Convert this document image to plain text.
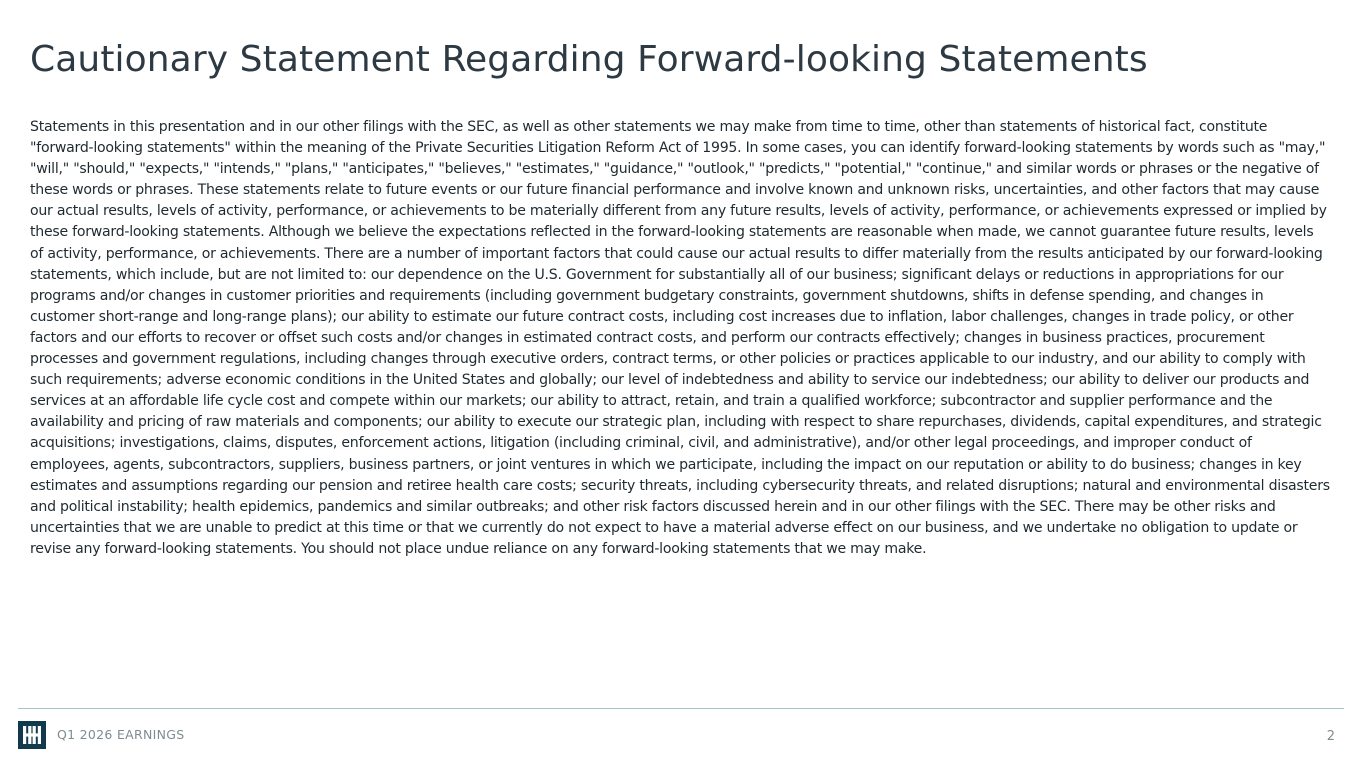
Cautionary Statement Regarding Forward-looking Statements

Statements in this presentation and in our other filings with the SEC, as well as other statements we may make from time to time, other than statements of historical fact, constitute "forward-looking statements" within the meaning of the Private Securities Litigation Reform Act of 1995. In some cases, you can identify forward-looking statements by words such as "may," "will," "should," "expects," "intends," "plans," "anticipates," "believes," "estimates," "guidance," "outlook," "predicts," "potential," "continue," and similar words or phrases or the negative of these words or phrases. These statements relate to future events or our future financial performance and involve known and unknown risks, uncertainties, and other factors that may cause our actual results, levels of activity, performance, or achievements to be materially different from any future results, levels of activity, performance, or achievements expressed or implied by these forward-looking statements. Although we believe the expectations reflected in the forward-looking statements are reasonable when made, we cannot guarantee future results, levels of activity, performance, or achievements. There are a number of important factors that could cause our actual results to differ materially from the results anticipated by our forward-looking statements, which include, but are not limited to: our dependence on the U.S. Government for substantially all of our business; significant delays or reductions in appropriations for our programs and/or changes in customer priorities and requirements (including government budgetary constraints, government shutdowns, shifts in defense spending, and changes in customer short-range and long-range plans); our ability to estimate our future contract costs, including cost increases due to inflation, labor challenges, changes in trade policy, or other factors and our efforts to recover or offset such costs and/or changes in estimated contract costs, and perform our contracts effectively; changes in business practices, procurement processes and government regulations, including changes through executive orders, contract terms, or other policies or practices applicable to our industry, and our ability to comply with such requirements; adverse economic conditions in the United States and globally; our level of indebtedness and ability to service our indebtedness; our ability to deliver our products and services at an affordable life cycle cost and compete within our markets; our ability to attract, retain, and train a qualified workforce; subcontractor and supplier performance and the availability and pricing of raw materials and components; our ability to execute our strategic plan, including with respect to share repurchases, dividends, capital expenditures, and strategic acquisitions; investigations, claims, disputes, enforcement actions, litigation (including criminal, civil, and administrative), and/or other legal proceedings, and improper conduct of employees, agents, subcontractors, suppliers, business partners, or joint ventures in which we participate, including the impact on our reputation or ability to do business; changes in key estimates and assumptions regarding our pension and retiree health care costs; security threats, including cybersecurity threats, and related disruptions; natural and environmental disasters and political instability; health epidemics, pandemics and similar outbreaks; and other risk factors discussed herein and in our other filings with the SEC. There may be other risks and uncertainties that we are unable to predict at this time or that we currently do not expect to have a material adverse effect on our business, and we undertake no obligation to update or revise any forward-looking statements. You should not place undue reliance on any forward-looking statements that we may make.

Q1 2026 EARNINGS	2
